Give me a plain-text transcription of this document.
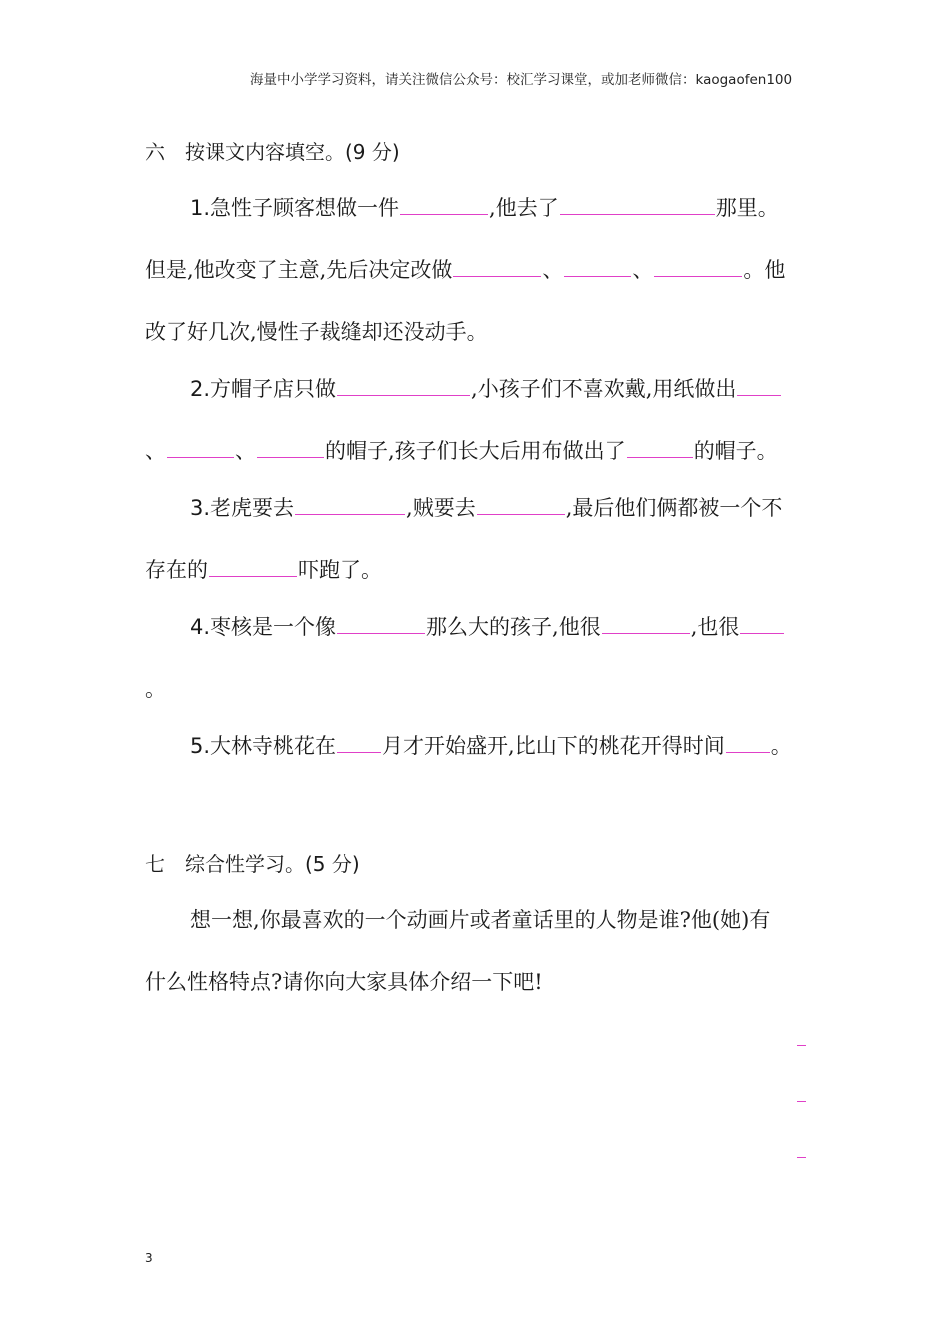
海量中小学学习资料，请关注微信公众号：校汇学习课堂，或加老师微信：kaogaofen100
六　按课文内容填空。(9 分)
1.急性子顾客想做一件	,他去了	那里。
但是,他改变了主意,先后决定改做	、	、	。他
改了好几次,慢性子裁缝却还没动手。
2.方帽子店只做	,小孩子们不喜欢戴,用纸做出
、	、	的帽子,孩子们长大后用布做出了	的帽子。
3.老虎要去	,贼要去	,最后他们俩都被一个不
存在的	吓跑了。
4.枣核是一个像	那么大的孩子,他很	,也很
。
5.大林寺桃花在 月才开始盛开,比山下的桃花开得时间 。
七　综合性学习。(5 分)
想一想,你最喜欢的一个动画片或者童话里的人物是谁?他(她)有
什么性格特点?请你向大家具体介绍一下吧!
3
